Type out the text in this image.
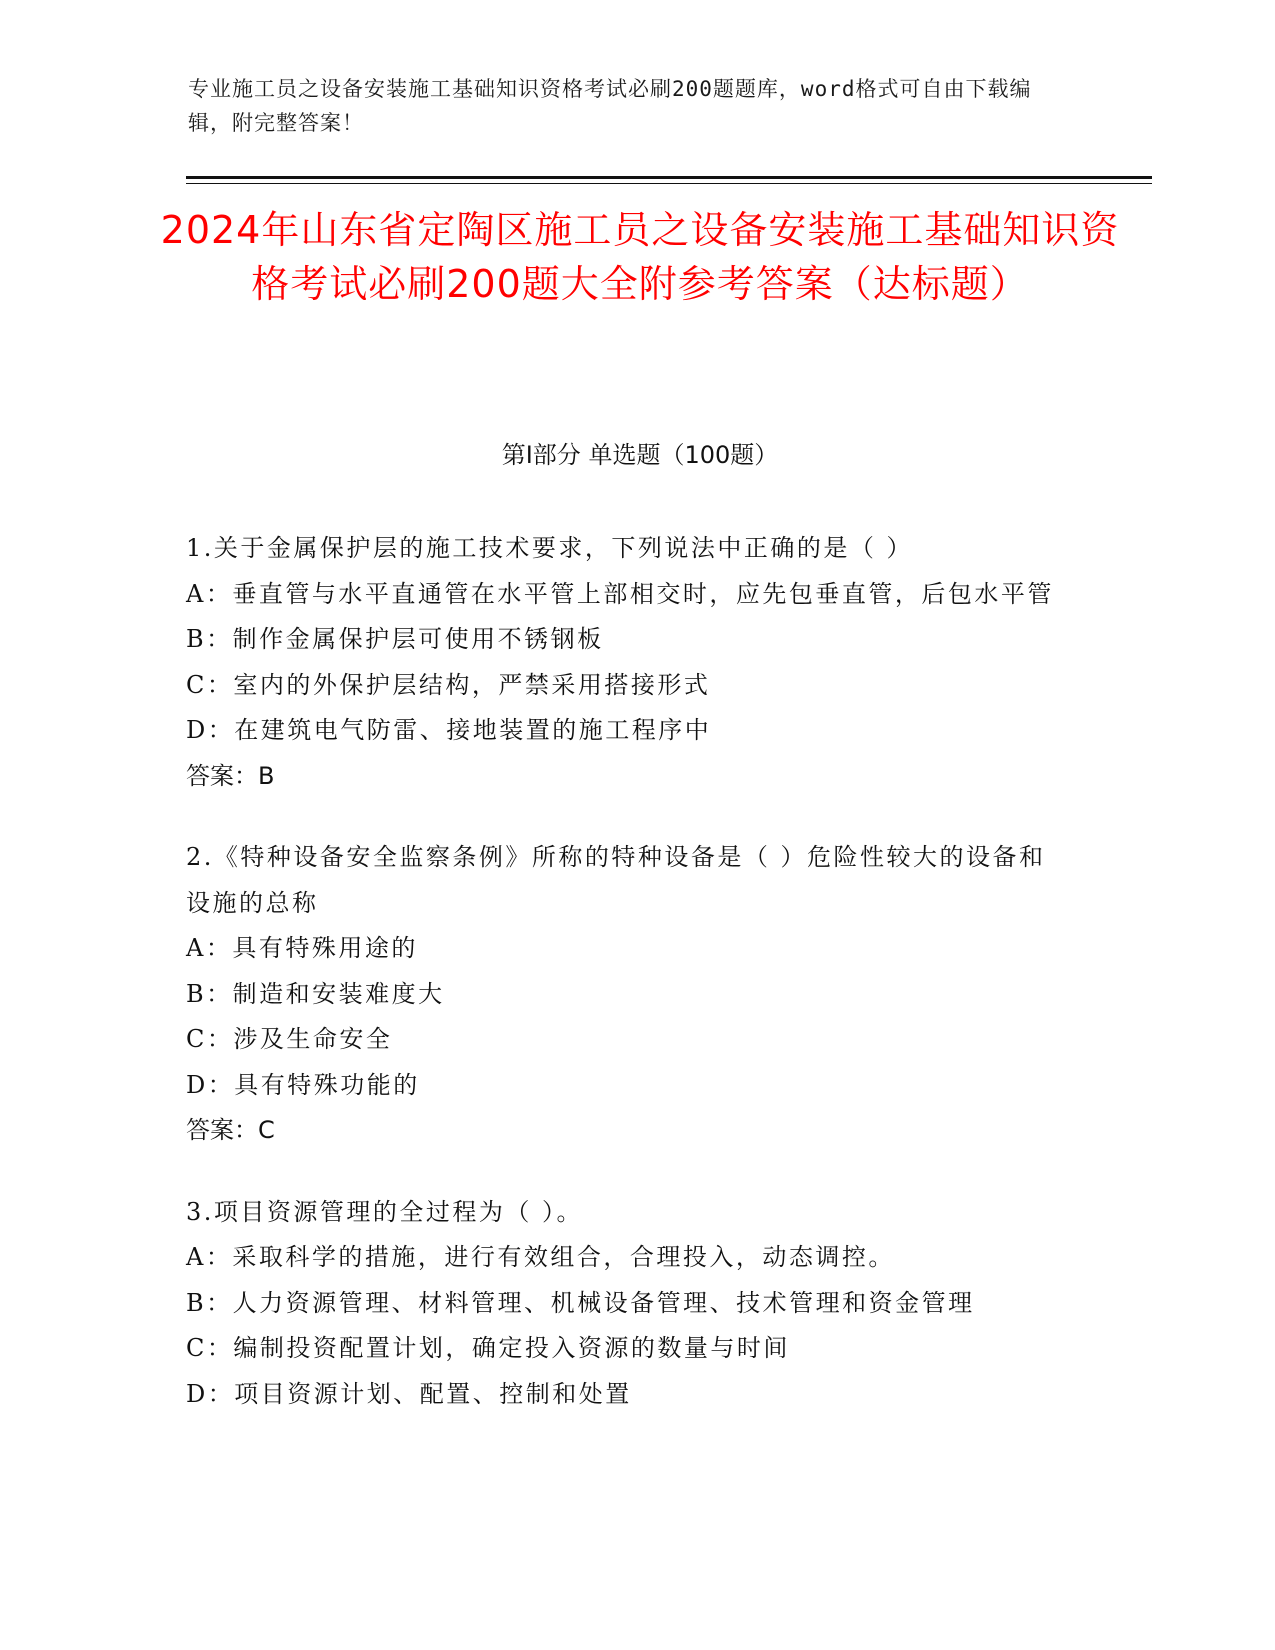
专业施工员之设备安装施工基础知识资格考试必刷200题题库，word格式可自由下载编辑，附完整答案！
2024年山东省定陶区施工员之设备安装施工基础知识资格考试必刷200题大全附参考答案（达标题）
第I部分 单选题（100题）
1.关于金属保护层的施工技术要求，下列说法中正确的是（ ）
A：垂直管与水平直通管在水平管上部相交时，应先包垂直管，后包水平管
B：制作金属保护层可使用不锈钢板
C：室内的外保护层结构，严禁采用搭接形式
D：在建筑电气防雷、接地装置的施工程序中
答案：B
2.《特种设备安全监察条例》所称的特种设备是（ ）危险性较大的设备和设施的总称
A：具有特殊用途的
B：制造和安装难度大
C：涉及生命安全
D：具有特殊功能的
答案：C
3.项目资源管理的全过程为（ ）。
A：采取科学的措施，进行有效组合，合理投入，动态调控。
B：人力资源管理、材料管理、机械设备管理、技术管理和资金管理
C：编制投资配置计划，确定投入资源的数量与时间
D：项目资源计划、配置、控制和处置
